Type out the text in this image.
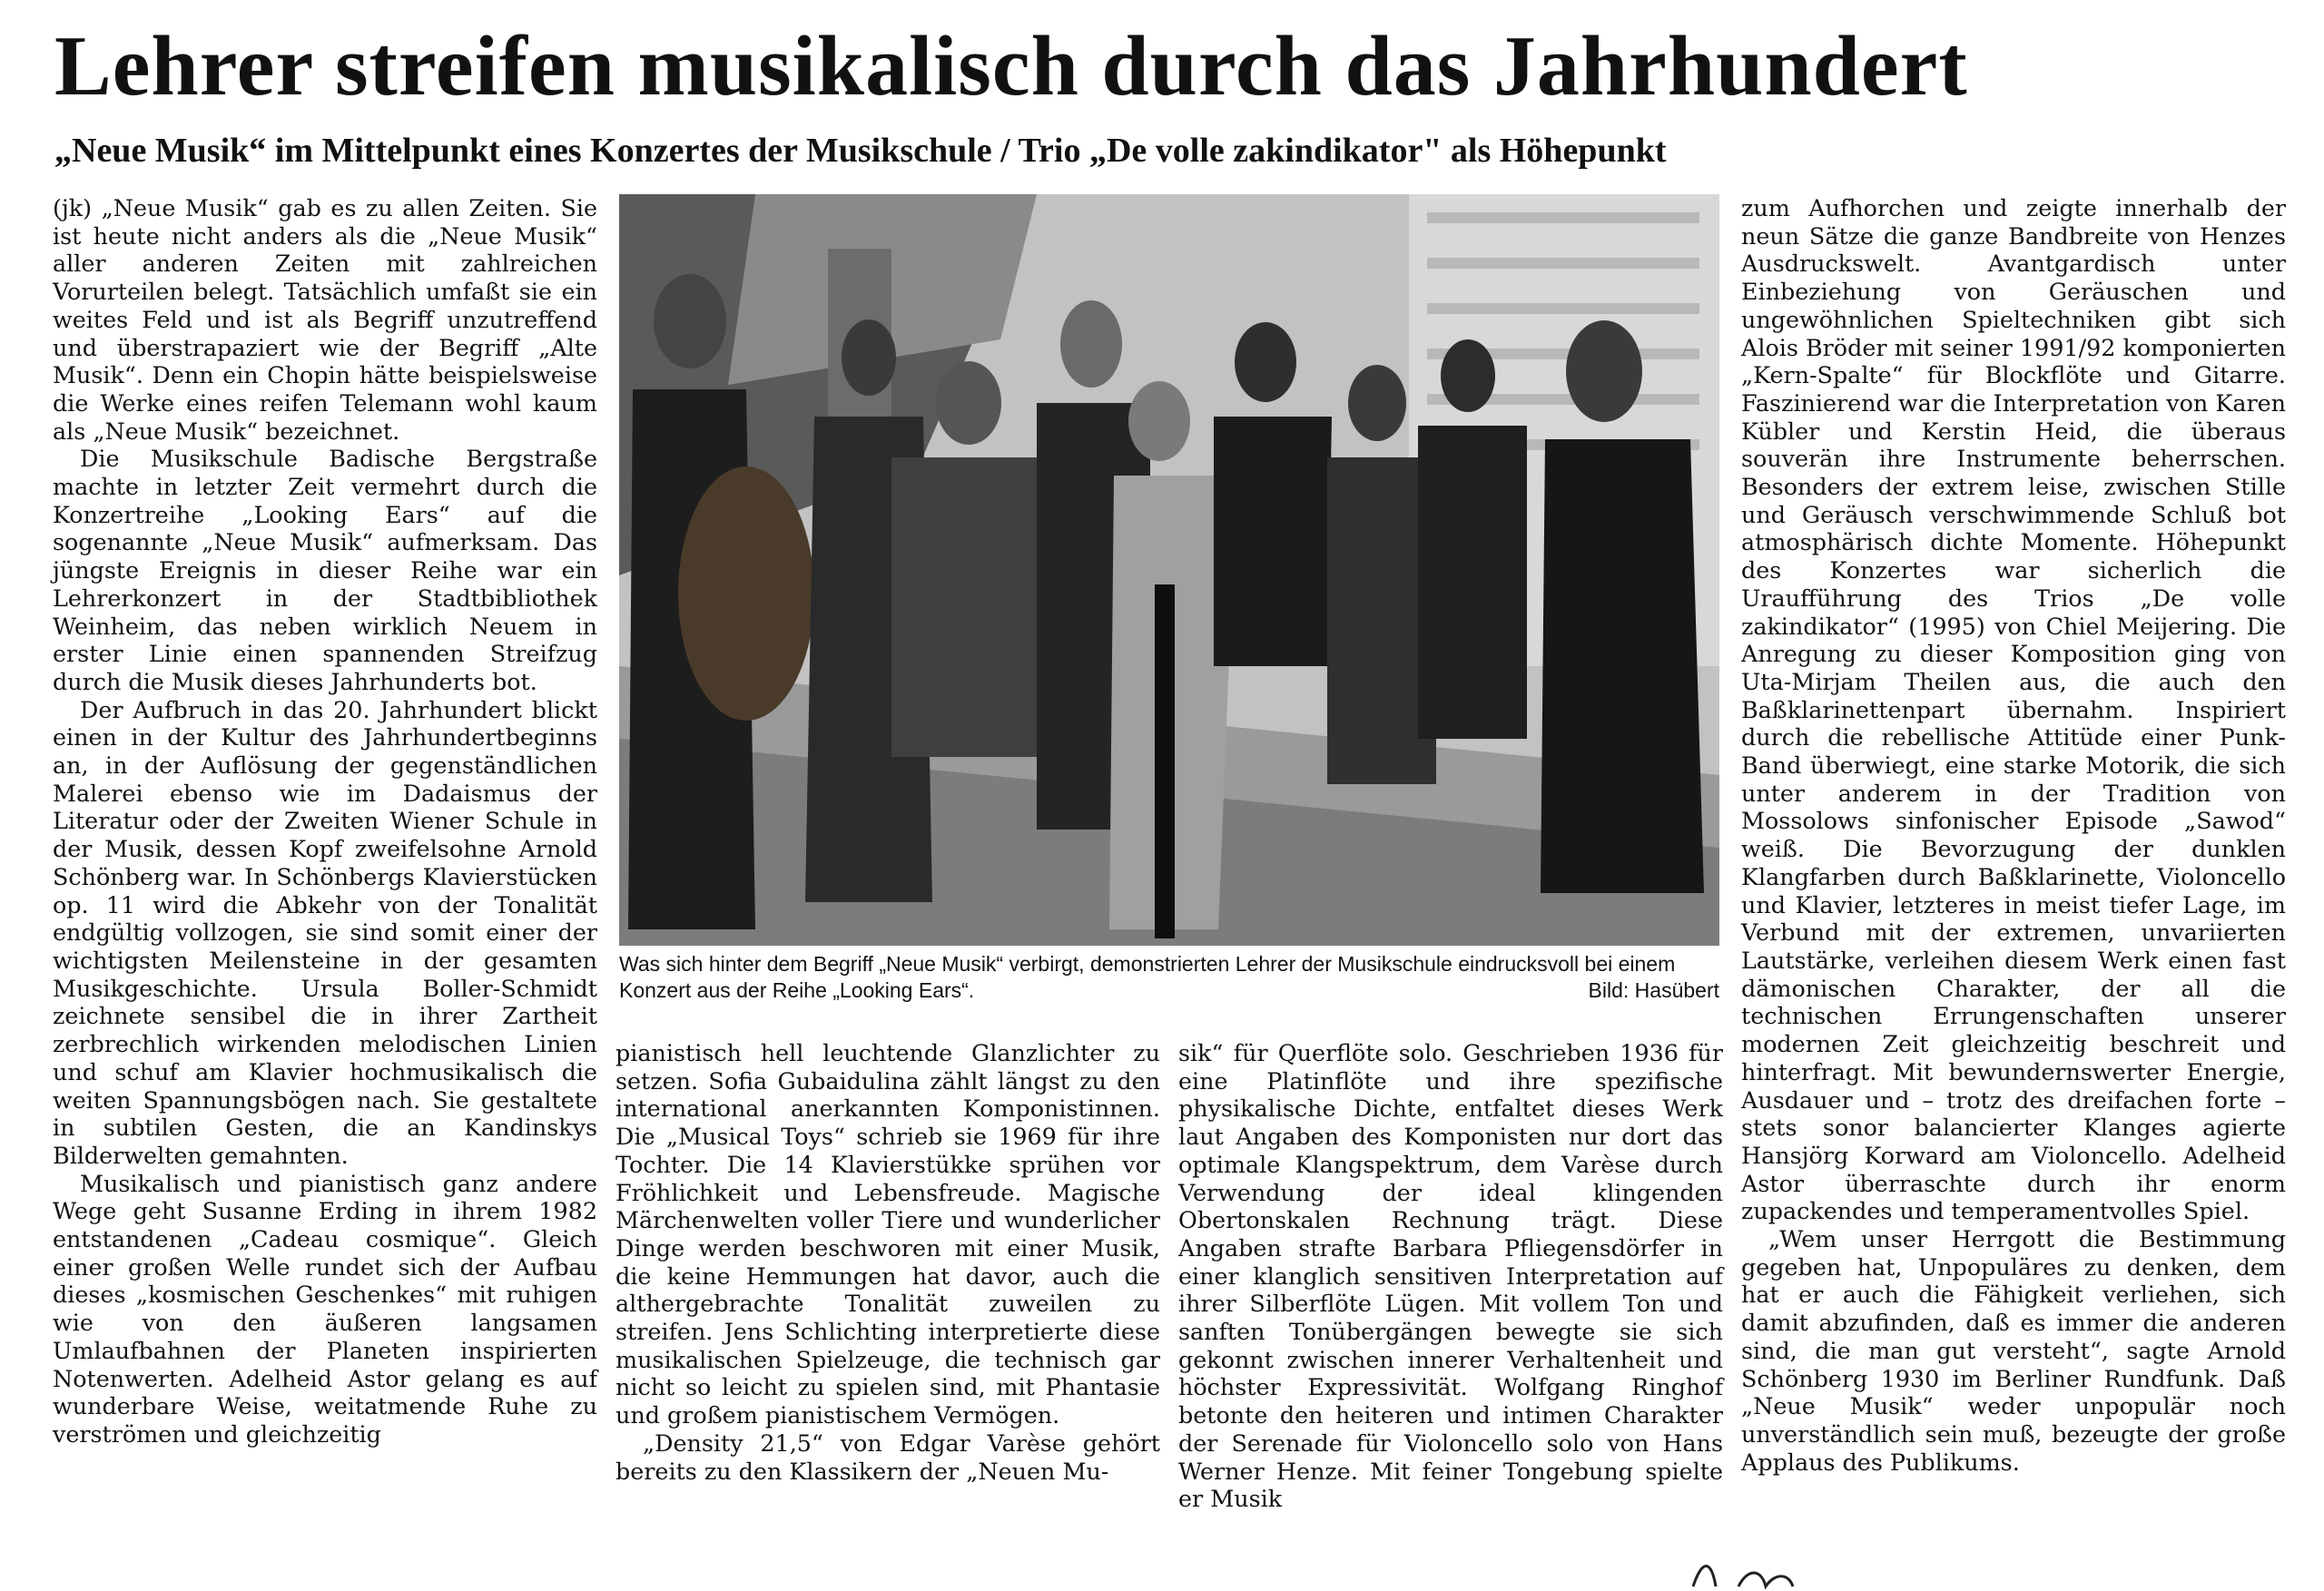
Lehrer streifen musikalisch durch das Jahrhundert
„Neue Musik“ im Mittelpunkt eines Konzertes der Musikschule / Trio „De volle zakindikator" als Höhepunkt

(jk) „Neue Musik“ gab es zu allen Zeiten. Sie ist heute nicht anders als die „Neue Musik“ aller anderen Zeiten mit zahlreichen Vorurteilen belegt. Tatsächlich umfaßt sie ein weites Feld und ist als Begriff unzutreffend und überstrapaziert wie der Begriff „Alte Musik“. Denn ein Chopin hätte beispielsweise die Werke eines reifen Telemann wohl kaum als „Neue Musik“ bezeichnet.

Die Musikschule Badische Bergstraße machte in letzter Zeit vermehrt durch die Konzertreihe „Looking Ears“ auf die sogenannte „Neue Musik“ aufmerksam. Das jüngste Ereignis in dieser Reihe war ein Lehrerkonzert in der Stadtbibliothek Weinheim, das neben wirklich Neuem in erster Linie einen spannenden Streifzug durch die Musik dieses Jahrhunderts bot.

Der Aufbruch in das 20. Jahrhundert blickt einen in der Kultur des Jahrhundertbeginns an, in der Auflösung der gegenständlichen Malerei ebenso wie im Dadaismus der Literatur oder der Zweiten Wiener Schule in der Musik, dessen Kopf zweifelsohne Arnold Schönberg war. In Schönbergs Klavierstücken op. 11 wird die Abkehr von der Tonalität endgültig vollzogen, sie sind somit einer der wichtigsten Meilensteine in der gesamten Musikgeschichte. Ursula Boller-Schmidt zeichnete sensibel die in ihrer Zartheit zerbrechlich wirkenden melodischen Linien und schuf am Klavier hochmusikalisch die weiten Spannungsbögen nach. Sie gestaltete in subtilen Gesten, die an Kandinskys Bilderwelten gemahnten.

Musikalisch und pianistisch ganz andere Wege geht Susanne Erding in ihrem 1982 entstandenen „Cadeau cosmique“. Gleich einer großen Welle rundet sich der Aufbau dieses „kosmischen Geschenkes“ mit ruhigen wie von den äußeren langsamen Umlaufbahnen der Planeten inspirierten Notenwerten. Adelheid Astor gelang es auf wunderbare Weise, weitatmende Ruhe zu verströmen und gleichzeitig

Was sich hinter dem Begriff „Neue Musik“ verbirgt, demonstrierten Lehrer der Musikschule eindrucksvoll bei einem Konzert aus der Reihe „Looking Ears“.	Bild: Hasübert

pianistisch hell leuchtende Glanzlichter zu setzen. Sofia Gubaidulina zählt längst zu den international anerkannten Komponistinnen. Die „Musical Toys“ schrieb sie 1969 für ihre Tochter. Die 14 Klavierstükke sprühen vor Fröhlichkeit und Lebensfreude. Magische Märchenwelten voller Tiere und wunderlicher Dinge werden beschworen mit einer Musik, die keine Hemmungen hat davor, auch die althergebrachte Tonalität zuweilen zu streifen. Jens Schlichting interpretierte diese musikalischen Spielzeuge, die technisch gar nicht so leicht zu spielen sind, mit Phantasie und großem pianistischem Vermögen.

„Density 21,5“ von Edgar Varèse gehört bereits zu den Klassikern der „Neuen Mu-

sik“ für Querflöte solo. Geschrieben 1936 für eine Platinflöte und ihre spezifische physikalische Dichte, entfaltet dieses Werk laut Angaben des Komponisten nur dort das optimale Klangspektrum, dem Varèse durch Verwendung der ideal klingenden Obertonskalen Rechnung trägt. Diese Angaben strafte Barbara Pfliegensdörfer in einer klanglich sensitiven Interpretation auf ihrer Silberflöte Lügen. Mit vollem Ton und sanften Tonübergängen bewegte sie sich gekonnt zwischen innerer Verhaltenheit und höchster Expressivität. Wolfgang Ringhof betonte den heiteren und intimen Charakter der Serenade für Violoncello solo von Hans Werner Henze. Mit feiner Tongebung spielte er Musik

zum Aufhorchen und zeigte innerhalb der neun Sätze die ganze Bandbreite von Henzes Ausdruckswelt. Avantgardisch unter Einbeziehung von Geräuschen und ungewöhnlichen Spieltechniken gibt sich Alois Bröder mit seiner 1991/92 komponierten „Kern-Spalte“ für Blockflöte und Gitarre. Faszinierend war die Interpretation von Karen Kübler und Kerstin Heid, die überaus souverän ihre Instrumente beherrschen. Besonders der extrem leise, zwischen Stille und Geräusch verschwimmende Schluß bot atmosphärisch dichte Momente. Höhepunkt des Konzertes war sicherlich die Uraufführung des Trios „De volle zakindikator“ (1995) von Chiel Meijering. Die Anregung zu dieser Komposition ging von Uta-Mirjam Theilen aus, die auch den Baßklarinettenpart übernahm. Inspiriert durch die rebellische Attitüde einer Punk-Band überwiegt, eine starke Motorik, die sich unter anderem in der Tradition von Mossolows sinfonischer Episode „Sawod“ weiß. Die Bevorzugung der dunklen Klangfarben durch Baßklarinette, Violoncello und Klavier, letzteres in meist tiefer Lage, im Verbund mit der extremen, unvariierten Lautstärke, verleihen diesem Werk einen fast dämonischen Charakter, der all die technischen Errungenschaften unserer modernen Zeit gleichzeitig beschreit und hinterfragt. Mit bewundernswerter Energie, Ausdauer und – trotz des dreifachen forte – stets sonor balancierter Klanges agierte Hansjörg Korward am Violoncello. Adelheid Astor überraschte durch ihr enorm zupackendes und temperamentvolles Spiel.

„Wem unser Herrgott die Bestimmung gegeben hat, Unpopuläres zu denken, dem hat er auch die Fähigkeit verliehen, sich damit abzufinden, daß es immer die anderen sind, die man gut versteht“, sagte Arnold Schönberg 1930 im Berliner Rundfunk. Daß „Neue Musik“ weder unpopulär noch unverständlich sein muß, bezeugte der große Applaus des Publikums.
